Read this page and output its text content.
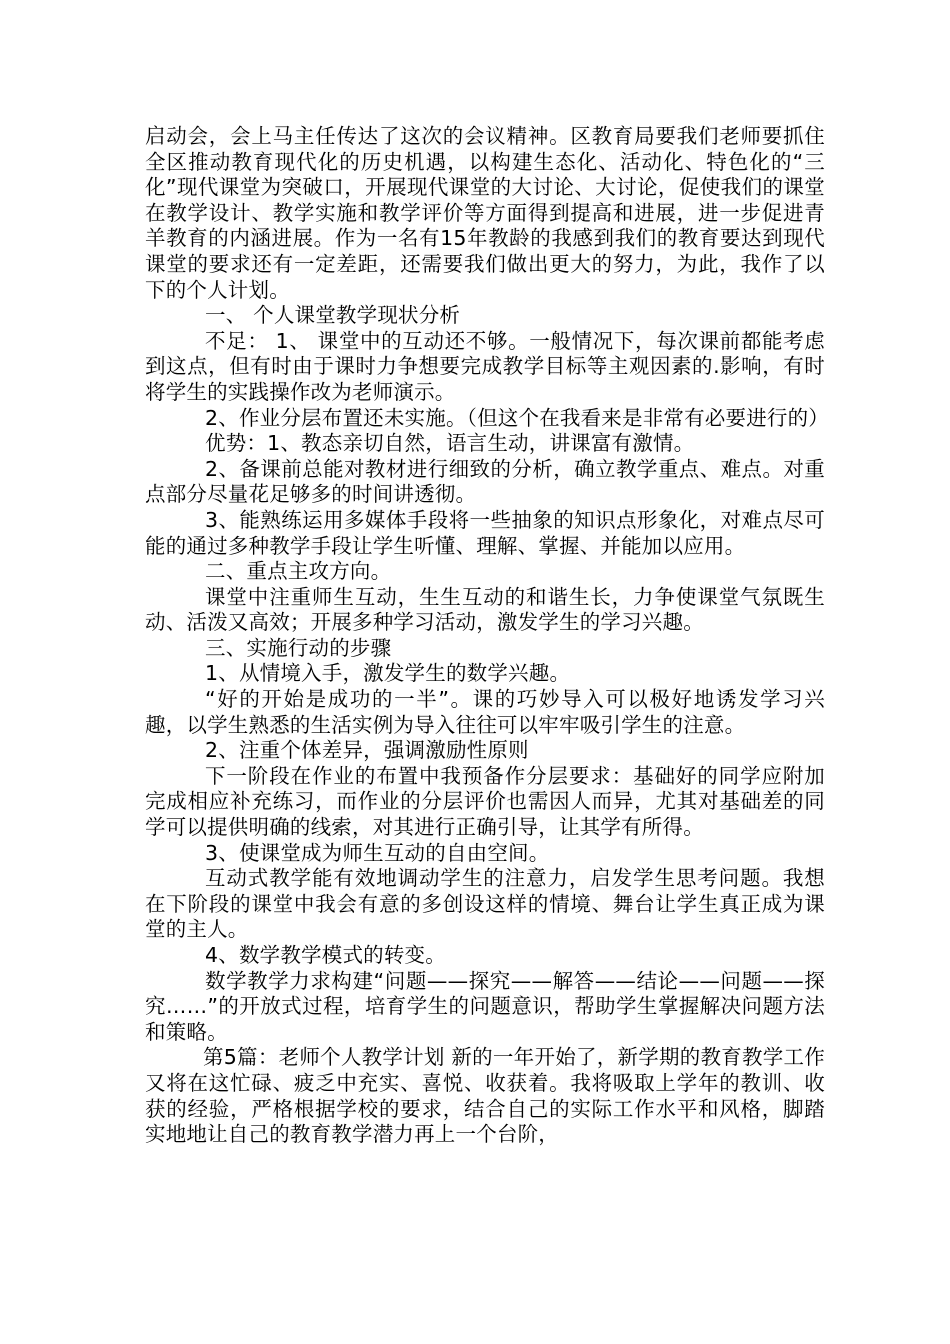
启动会，会上马主任传达了这次的会议精神。区教育局要我们老师要抓住全区推动教育现代化的历史机遇，以构建生态化、活动化、特色化的“三化”现代课堂为突破口，开展现代课堂的大讨论、大讨论，促使我们的课堂在教学设计、教学实施和教学评价等方面得到提高和进展，进一步促进青羊教育的内涵进展。作为一名有15年教龄的我感到我们的教育要达到现代课堂的要求还有一定差距，还需要我们做出更大的努力，为此，我作了以下的个人计划。

一、 个人课堂教学现状分析

不足： 1、 课堂中的互动还不够。一般情况下，每次课前都能考虑到这点，但有时由于课时力争想要完成教学目标等主观因素的.影响，有时将学生的实践操作改为老师演示。

2、作业分层布置还未实施。（但这个在我看来是非常有必要进行的）

优势：1、教态亲切自然，语言生动，讲课富有激情。

2、备课前总能对教材进行细致的分析，确立教学重点、难点。对重点部分尽量花足够多的时间讲透彻。

3、能熟练运用多媒体手段将一些抽象的知识点形象化，对难点尽可能的通过多种教学手段让学生听懂、理解、掌握、并能加以应用。

二、重点主攻方向。

课堂中注重师生互动，生生互动的和谐生长，力争使课堂气氛既生动、活泼又高效；开展多种学习活动，激发学生的学习兴趣。

三、实施行动的步骤

1、从情境入手，激发学生的数学兴趣。

“好的开始是成功的一半”。课的巧妙导入可以极好地诱发学习兴趣，以学生熟悉的生活实例为导入往往可以牢牢吸引学生的注意。

2、注重个体差异，强调激励性原则

下一阶段在作业的布置中我预备作分层要求：基础好的同学应附加完成相应补充练习，而作业的分层评价也需因人而异，尤其对基础差的同学可以提供明确的线索，对其进行正确引导，让其学有所得。

3、使课堂成为师生互动的自由空间。

互动式教学能有效地调动学生的注意力，启发学生思考问题。我想在下阶段的课堂中我会有意的多创设这样的情境、舞台让学生真正成为课堂的主人。

4、数学教学模式的转变。

数学教学力求构建“问题——探究——解答——结论——问题——探究……”的开放式过程，培育学生的问题意识，帮助学生掌握解决问题方法和策略。

第5篇：老师个人教学计划 新的一年开始了，新学期的教育教学工作又将在这忙碌、疲乏中充实、喜悦、收获着。我将吸取上学年的教训、收获的经验，严格根据学校的要求，结合自己的实际工作水平和风格，脚踏实地地让自己的教育教学潜力再上一个台阶，
